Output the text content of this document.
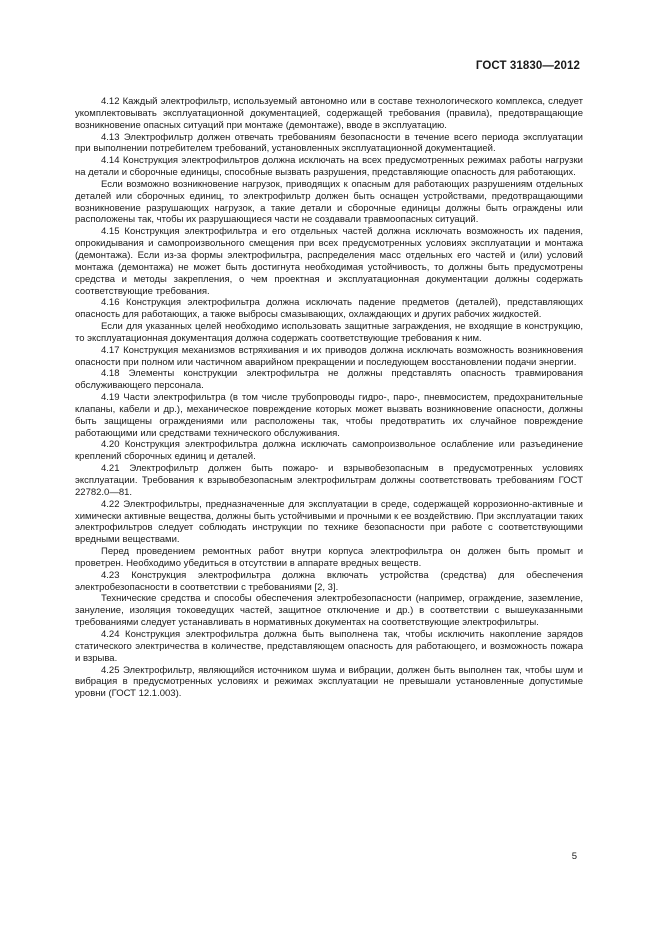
ГОСТ 31830—2012

4.12 Каждый электрофильтр, используемый автономно или в составе технологического комплекса, следует укомплектовывать эксплуатационной документацией, содержащей требования (правила), предотвращающие возникновение опасных ситуаций при монтаже (демонтаже), вводе в эксплуатацию.

4.13 Электрофильтр должен отвечать требованиям безопасности в течение всего периода эксплуатации при выполнении потребителем требований, установленных эксплуатационной документацией.

4.14 Конструкция электрофильтров должна исключать на всех предусмотренных режимах работы нагрузки на детали и сборочные единицы, способные вызвать разрушения, представляющие опасность для работающих.

Если возможно возникновение нагрузок, приводящих к опасным для работающих разрушениям отдельных деталей или сборочных единиц, то электрофильтр должен быть оснащен устройствами, предотвращающими возникновение разрушающих нагрузок, а такие детали и сборочные единицы должны быть ограждены или расположены так, чтобы их разрушающиеся части не создавали травмоопасных ситуаций.

4.15 Конструкция электрофильтра и его отдельных частей должна исключать возможность их падения, опрокидывания и самопроизвольного смещения при всех предусмотренных условиях эксплуатации и монтажа (демонтажа). Если из-за формы электрофильтра, распределения масс отдельных его частей и (или) условий монтажа (демонтажа) не может быть достигнута необходимая устойчивость, то должны быть предусмотрены средства и методы закрепления, о чем проектная и эксплуатационная документации должны содержать соответствующие требования.

4.16 Конструкция электрофильтра должна исключать падение предметов (деталей), представляющих опасность для работающих, а также выбросы смазывающих, охлаждающих и других рабочих жидкостей.

Если для указанных целей необходимо использовать защитные заграждения, не входящие в конструкцию, то эксплуатационная документация должна содержать соответствующие требования к ним.

4.17 Конструкция механизмов встряхивания и их приводов должна исключать возможность возникновения опасности при полном или частичном аварийном прекращении и последующем восстановлении подачи энергии.

4.18 Элементы конструкции электрофильтра не должны представлять опасность травмирования обслуживающего персонала.

4.19 Части электрофильтра (в том числе трубопроводы гидро-, паро-, пневмосистем, предохранительные клапаны, кабели и др.), механическое повреждение которых может вызвать возникновение опасности, должны быть защищены ограждениями или расположены так, чтобы предотвратить их случайное повреждение работающими или средствами технического обслуживания.

4.20 Конструкция электрофильтра должна исключать самопроизвольное ослабление или разъединение креплений сборочных единиц и деталей.

4.21 Электрофильтр должен быть пожаро- и взрывобезопасным в предусмотренных условиях эксплуатации. Требования к взрывобезопасным электрофильтрам должны соответствовать требованиям ГОСТ 22782.0—81.

4.22 Электрофильтры, предназначенные для эксплуатации в среде, содержащей коррозионно-активные и химически активные вещества, должны быть устойчивыми и прочными к ее воздействию. При эксплуатации таких электрофильтров следует соблюдать инструкции по технике безопасности при работе с соответствующими вредными веществами.

Перед проведением ремонтных работ внутри корпуса электрофильтра он должен быть промыт и проветрен. Необходимо убедиться в отсутствии в аппарате вредных веществ.

4.23 Конструкция электрофильтра должна включать устройства (средства) для обеспечения электробезопасности в соответствии с требованиями [2, 3].

Технические средства и способы обеспечения электробезопасности (например, ограждение, заземление, зануление, изоляция токоведущих частей, защитное отключение и др.) в соответствии с вышеуказанными требованиями следует устанавливать в нормативных документах на соответствующие электрофильтры.

4.24 Конструкция электрофильтра должна быть выполнена так, чтобы исключить накопление зарядов статического электричества в количестве, представляющем опасность для работающего, и возможность пожара и взрыва.

4.25 Электрофильтр, являющийся источником шума и вибрации, должен быть выполнен так, чтобы шум и вибрация в предусмотренных условиях и режимах эксплуатации не превышали установленные допустимые уровни (ГОСТ 12.1.003).

5
